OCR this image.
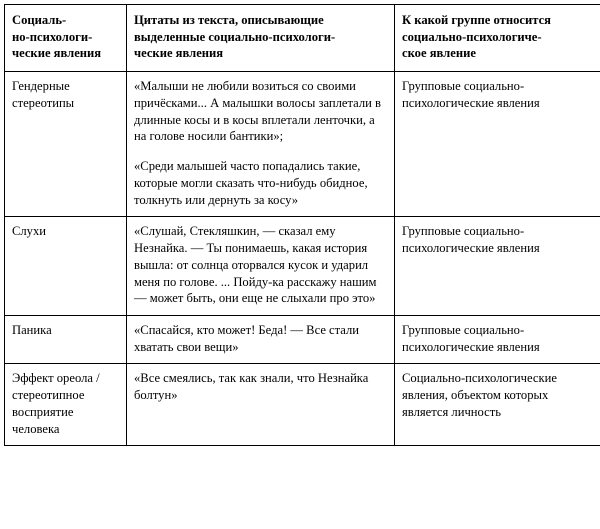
Социаль-
но-психологи-
ческие явления	Цитаты из текста, описывающие
выделенные социально-психологи-
ческие явления	К какой группе относится
социально-психологиче-
ское явление

Гендерные стереотипы	«Малыши не любили возиться со своими причёсками... А малышки волосы заплетали в длинные косы и в косы вплетали ленточки, а на голове носили бантики»;

«Среди малышей часто попадались такие, которые могли сказать что-нибудь обидное, толкнуть или дернуть за косу»	Групповые социально-психологические явления
Слухи	«Слушай, Стекляшкин, — сказал ему Незнайка. — Ты понимаешь, какая история вышла: от солнца оторвался кусок и ударил меня по голове. ... Пойду-ка расскажу нашим — может быть, они еще не слыхали про это»	Групповые социально-психологические явления
Паника	«Спасайся, кто может! Беда! — Все стали хватать свои вещи»	Групповые социально-психологические явления
Эффект ореола / стереотипное восприятие человека	«Все смеялись, так как знали, что Незнайка болтун»	Социально-психологические явления, объектом которых является личность
